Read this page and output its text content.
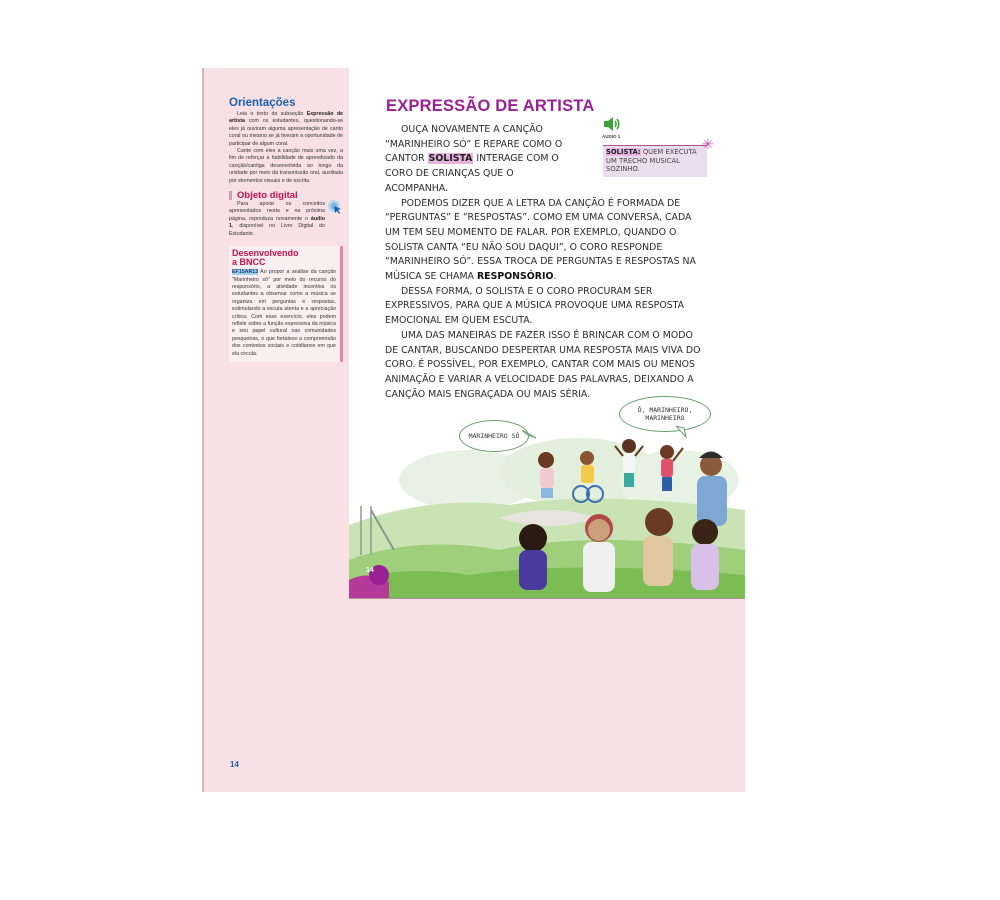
Orientações

Leia o texto da subseção Expressão de artista com os estudantes, questionando-se eles já ouviram alguma apresentação de canto coral ou mesmo se já tiveram a oportunidade de participar de algum coral.

Cante com eles a canção mais uma vez, a fim de reforçar a habilidade de aprendizado da canção/cantiga desenvolvida ao longo da unidade por meio da transmissão oral, auxiliada por elementos visuais e de escrita.

Objeto digital

Para apoiar os conceitos apresentados nesta e na próxima página, reproduza novamente o áudio 1, disponível no Livro Digital do Estudante.

Desenvolvendo
a BNCC

EF15AR13 Ao propor a análise da canção "Marinheiro só" por meio do recurso do responsório, a atividade incentiva os estudantes a observar como a música se organiza em perguntas e respostas, estimulando a escuta atenta e a apreciação crítica. Com esse exercício, eles podem refletir sobre a função expressiva da música e seu papel cultural nas comunidades pesqueiras, o que fortalece a compreensão dos contextos sociais e cotidianos em que ela circula.

14
EXPRESSÃO DE ARTISTA
ÁUDIO 1
SOLISTA: QUEM EXECUTA UM TRECHO MUSICAL SOZINHO.
✳

OUÇA NOVAMENTE A CANÇÃO “MARINHEIRO SÓ” E REPARE COMO O CANTOR SOLISTA INTERAGE COM O CORO DE CRIANÇAS QUE O ACOMPANHA.

PODEMOS DIZER QUE A LETRA DA CANÇÃO É FORMADA DE “PERGUNTAS” E “RESPOSTAS”. COMO EM UMA CONVERSA, CADA UM TEM SEU MOMENTO DE FALAR. POR EXEMPLO, QUANDO O SOLISTA CANTA “EU NÃO SOU DAQUI”, O CORO RESPONDE “MARINHEIRO SÓ”. ESSA TROCA DE PERGUNTAS E RESPOSTAS NA MÚSICA SE CHAMA RESPONSÓRIO.

DESSA FORMA, O SOLISTA E O CORO PROCURAM SER EXPRESSIVOS, PARA QUE A MÚSICA PROVOQUE UMA RESPOSTA EMOCIONAL EM QUEM ESCUTA.

UMA DAS MANEIRAS DE FAZER ISSO É BRINCAR COM O MODO DE CANTAR, BUSCANDO DESPERTAR UMA RESPOSTA MAIS VIVA DO CORO. É POSSÍVEL, POR EXEMPLO, CANTAR COM MAIS OU MENOS ANIMAÇÃO E VARIAR A VELOCIDADE DAS PALAVRAS, DEIXANDO A CANÇÃO MAIS ENGRAÇADA OU MAIS SÉRIA.

14
MARINHEIRO SÓ
Ô, MARINHEIRO, MARINHEIRO
